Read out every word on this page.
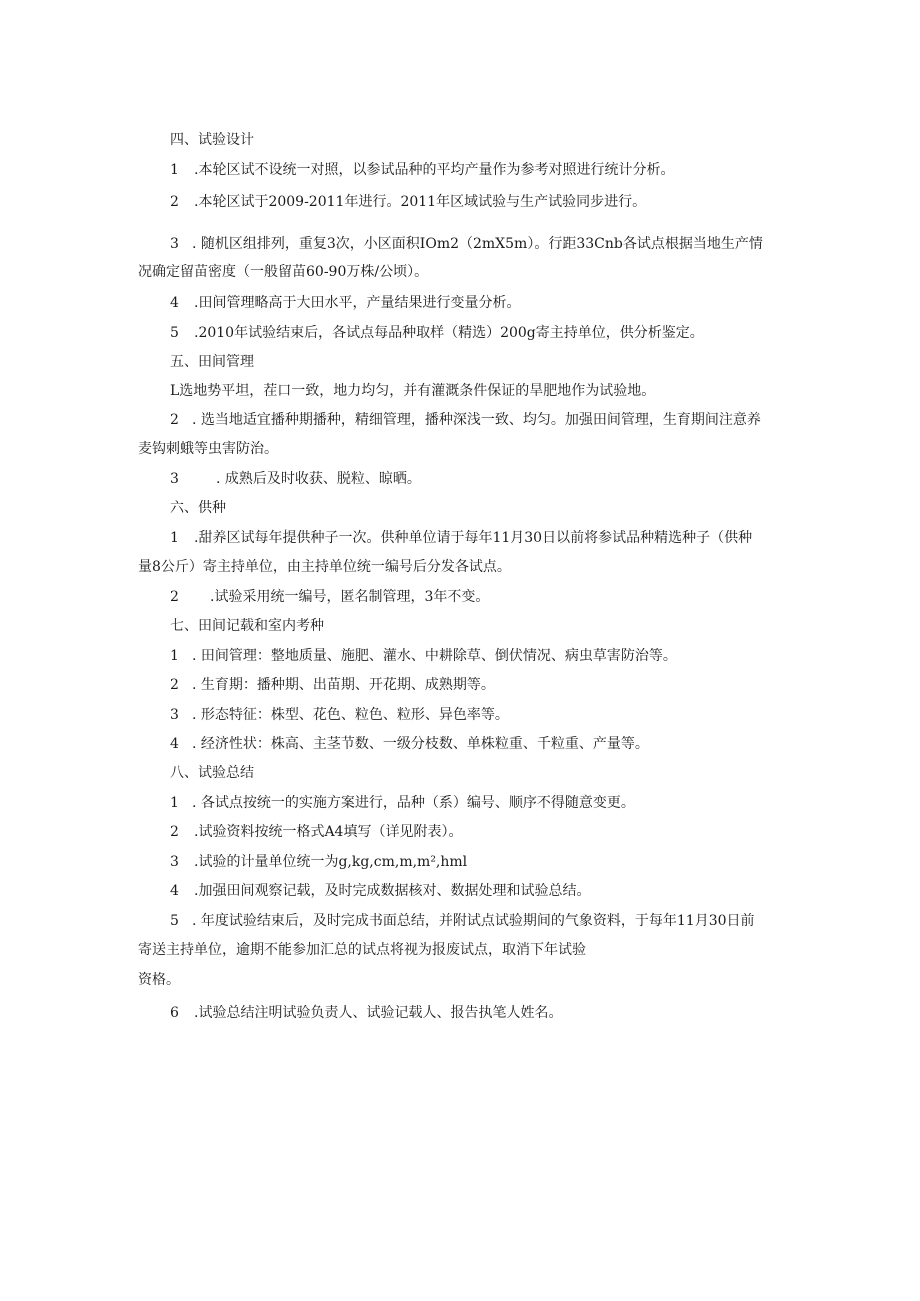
四、试验设计
1 .本轮区试不设统一对照，以参试品种的平均产量作为参考对照进行统计分析。
2 .本轮区试于2009-2011年进行。2011年区域试验与生产试验同步进行。
3 . 随机区组排列，重复3次，小区面积IOm2（2mX5m）。行距33Cnb各试点根据当地生产情
况确定留苗密度（一般留苗60-90万株/公顷）。
4 .田间管理略高于大田水平，产量结果进行变量分析。
5 .2010年试验结束后，各试点每品种取样（精选）200g寄主持单位，供分析鉴定。
五、田间管理
L选地势平坦，茬口一致，地力均匀，并有灌溉条件保证的旱肥地作为试验地。
2 . 选当地适宜播种期播种，精细管理，播种深浅一致、均匀。加强田间管理，生育期间注意养
麦钩刺蛾等虫害防治。
3	. 成熟后及时收获、脱粒、晾晒。
六、供种
1 .甜养区试每年提供种子一次。供种单位请于每年11月30日以前将参试品种精选种子（供种
量8公斤）寄主持单位，由主持单位统一编号后分发各试点。
2 .试验采用统一编号，匿名制管理，3年不变。
七、田间记载和室内考种
1 . 田间管理：整地质量、施肥、灌水、中耕除草、倒伏情况、病虫草害防治等。
2 . 生育期：播种期、出苗期、开花期、成熟期等。
3 . 形态特征：株型、花色、粒色、粒形、异色率等。
4 . 经济性状：株高、主茎节数、一级分枝数、单株粒重、千粒重、产量等。
八、试验总结
1 . 各试点按统一的实施方案进行，品种（系）编号、顺序不得随意变更。
2 .试验资料按统一格式A4填写（详见附表）。
3 .试验的计量单位统一为g,kg,cm,m,m²,hml
4 .加强田间观察记载，及时完成数据核对、数据处理和试验总结。
5 . 年度试验结束后，及时完成书面总结，并附试点试验期间的气象资料，于每年11月30日前
寄送主持单位，逾期不能参加汇总的试点将视为报废试点，取消下年试验
资格。
6 .试验总结注明试验负责人、试验记载人、报告执笔人姓名。
